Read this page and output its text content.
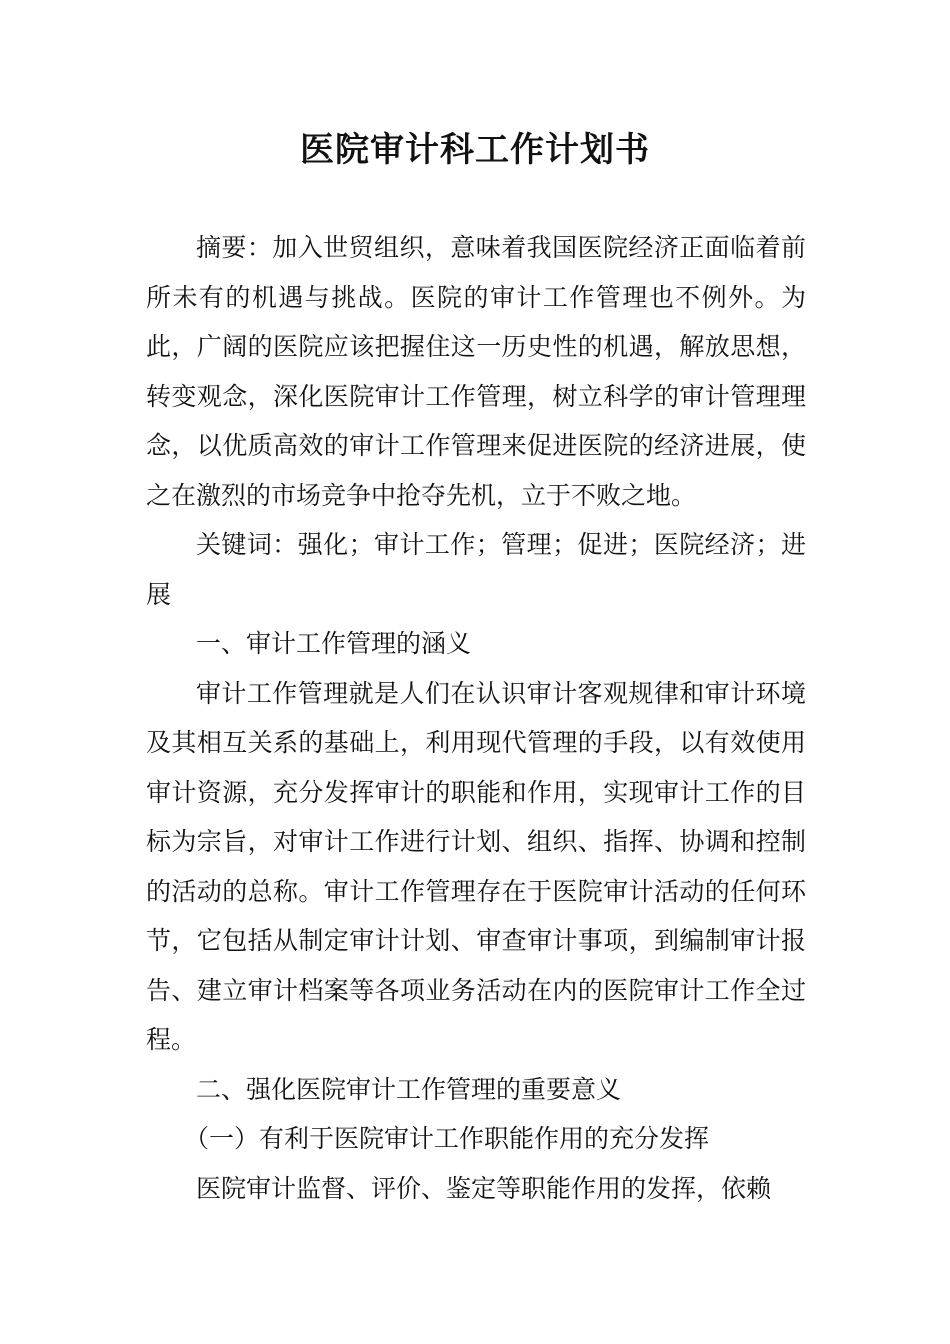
医院审计科工作计划书

摘要：加入世贸组织，意味着我国医院经济正面临着前所未有的机遇与挑战。医院的审计工作管理也不例外。为此，广阔的医院应该把握住这一历史性的机遇，解放思想，转变观念，深化医院审计工作管理，树立科学的审计管理理念，以优质高效的审计工作管理来促进医院的经济进展，使之在激烈的市场竞争中抢夺先机，立于不败之地。

关键词：强化；审计工作；管理；促进；医院经济；进展

一、审计工作管理的涵义

审计工作管理就是人们在认识审计客观规律和审计环境及其相互关系的基础上，利用现代管理的手段，以有效使用审计资源，充分发挥审计的职能和作用，实现审计工作的目标为宗旨，对审计工作进行计划、组织、指挥、协调和控制的活动的总称。审计工作管理存在于医院审计活动的任何环节，它包括从制定审计计划、审查审计事项，到编制审计报告、建立审计档案等各项业务活动在内的医院审计工作全过程。

二、强化医院审计工作管理的重要意义

（一）有利于医院审计工作职能作用的充分发挥

医院审计监督、评价、鉴定等职能作用的发挥，依赖
